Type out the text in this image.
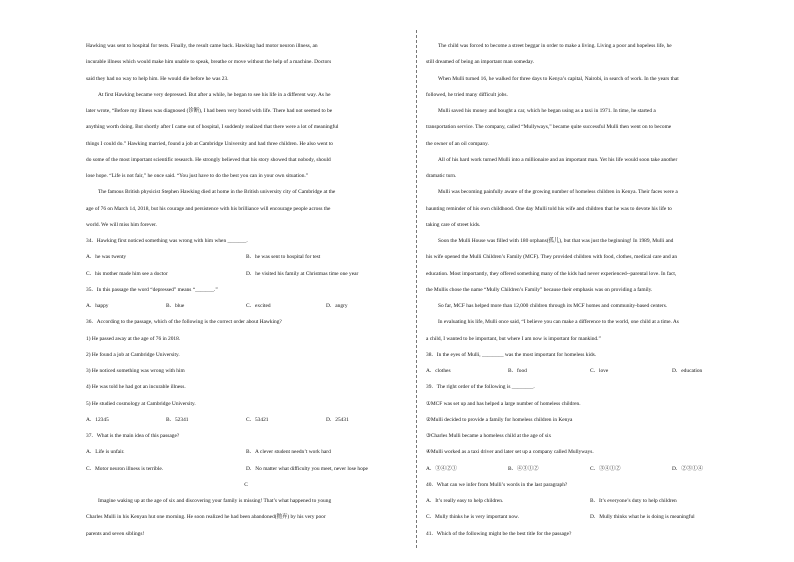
Hawking was sent to hospital for tests. Finally, the result came back. Hawking had motor neuron illness, an
incurable illness which would make him unable to speak, breathe or move without the help of a machine. Doctors
said they had no way to help him. He would die before he was 23.
At first Hawking became very depressed. But after a while, he began to see his life in a different way. As he
later wrote, “Before my illness was diagnosed (诊断), I had been very bored with life. There had not seemed to be
anything worth doing. But shortly after I came out of hospital, I suddenly realized that there were a lot of meaningful
things I could do.” Hawking married, found a job at Cambridge University and had three children. He also went to
do some of the most important scientific research. He strongly believed that his story showed that nobody, should
lose hope. “Life is not fair,” he once said. “You just have to do the best you can in your own situation.”
The famous British physicist Stephen Hawking died at home in the British university city of Cambridge at the
age of 76 on March 14, 2018, but his courage and persistence with his brilliance will encourage people across the
world. We will miss him forever.
34．Hawking first noticed something was wrong with him when _______.
A．he was twenty	B．he was sent to hospital for test
C．his mother made him see a doctor	D．he visited his family at Christmas time one year
35．In this passage the word “depressed” means “_______.”
A．happy	B．blue	C．excited	D．angry
36．According to the passage, which of the following is the correct order about Hawking?
1) He passed away at the age of 76 in 2018.
2) He found a job at Cambridge University.
3) He noticed something was wrong with him
4) He was told he had got an incurable illness.
5) He studied cosmology at Cambridge University.
A．12345	B．52341	C．53421	D．25431
37．What is the main idea of this passage?
A．Life is unfair.	B．A clever student needn’t work hard
C．Motor neuron illness is terrible.	D．No matter what difficulty you meet, never lose hope
C
Imagine waking up at the age of six and discovering your family is missing! That’s what happened to young
Charles Mulli in his Kenyan hut one morning. He soon realized he had been abandoned(抛弃) by his very poor
parents and seven siblings!
The child was forced to become a street beggar in order to make a living. Living a poor and hopeless life, he
still dreamed of being an important man someday.
When Mulli turned 16, he walked for three days to Kenya’s capital, Nairobi, in search of work. In the years that
followed, he tried many difficult jobs.
Mulli saved his money and bought a car, which he began using as a taxi in 1971. In time, he started a
transportation service. The company, called “Mullyways,” became quite successful Mulli then went on to become
the owner of an oil company.
All of his hard work turned Mulli into a millionaire and an important man. Yet his life would soon take another
dramatic turn.
Mulli was becoming painfully aware of the growing number of homeless children in Kenya. Their faces were a
haunting reminder of his own childhood. One day Mulli told his wife and children that he was to devote his life to
taking care of street kids.
Soon the Mulli House was filled with 180 orphans(孤儿), but that was just the beginning! In 1989, Mulli and
his wife opened the Mulli Children’s Family (MCF). They provided children with food, clothes, medical care and an
education. Most importantly, they offered something many of the kids had never experienced--parental love. In fact,
the Mullis chose the name “Mully Children’s Family” because their emphasis was on providing a family.
So far, MCF has helped more than 12,000 children through its MCF homes and community-based centers.
In evaluating his life, Mulli once said, “I believe you can make a difference to the world, one child at a time. As
a child, I wanted to be important, but where I am now is important for mankind.”
38．In the eyes of Mulli, ________ was the most important for homeless kids.
A．clothes	B．food	C．love	D．education
39．The right order of the following is ________.
①MCF was set up and has helped a large number of homeless children.
②Mulli decided to provide a family for homeless children in Kenya
③Charles Mulli became a homeless child at the age of six
④Mulli worked as a taxi driver and later set up a company called Mullyways.
A．③④②①	B．④③①②	C．③④①②	D．②③①④
40．What can we infer from Mulli’s words in the last paragraph?
A．It’s really easy to help children.	B．It’s everyone’s duty to help children
C．Mully thinks he is very important now.	D．Mully thinks what he is doing is meaningful
41．Which of the following might be the best title for the passage?
